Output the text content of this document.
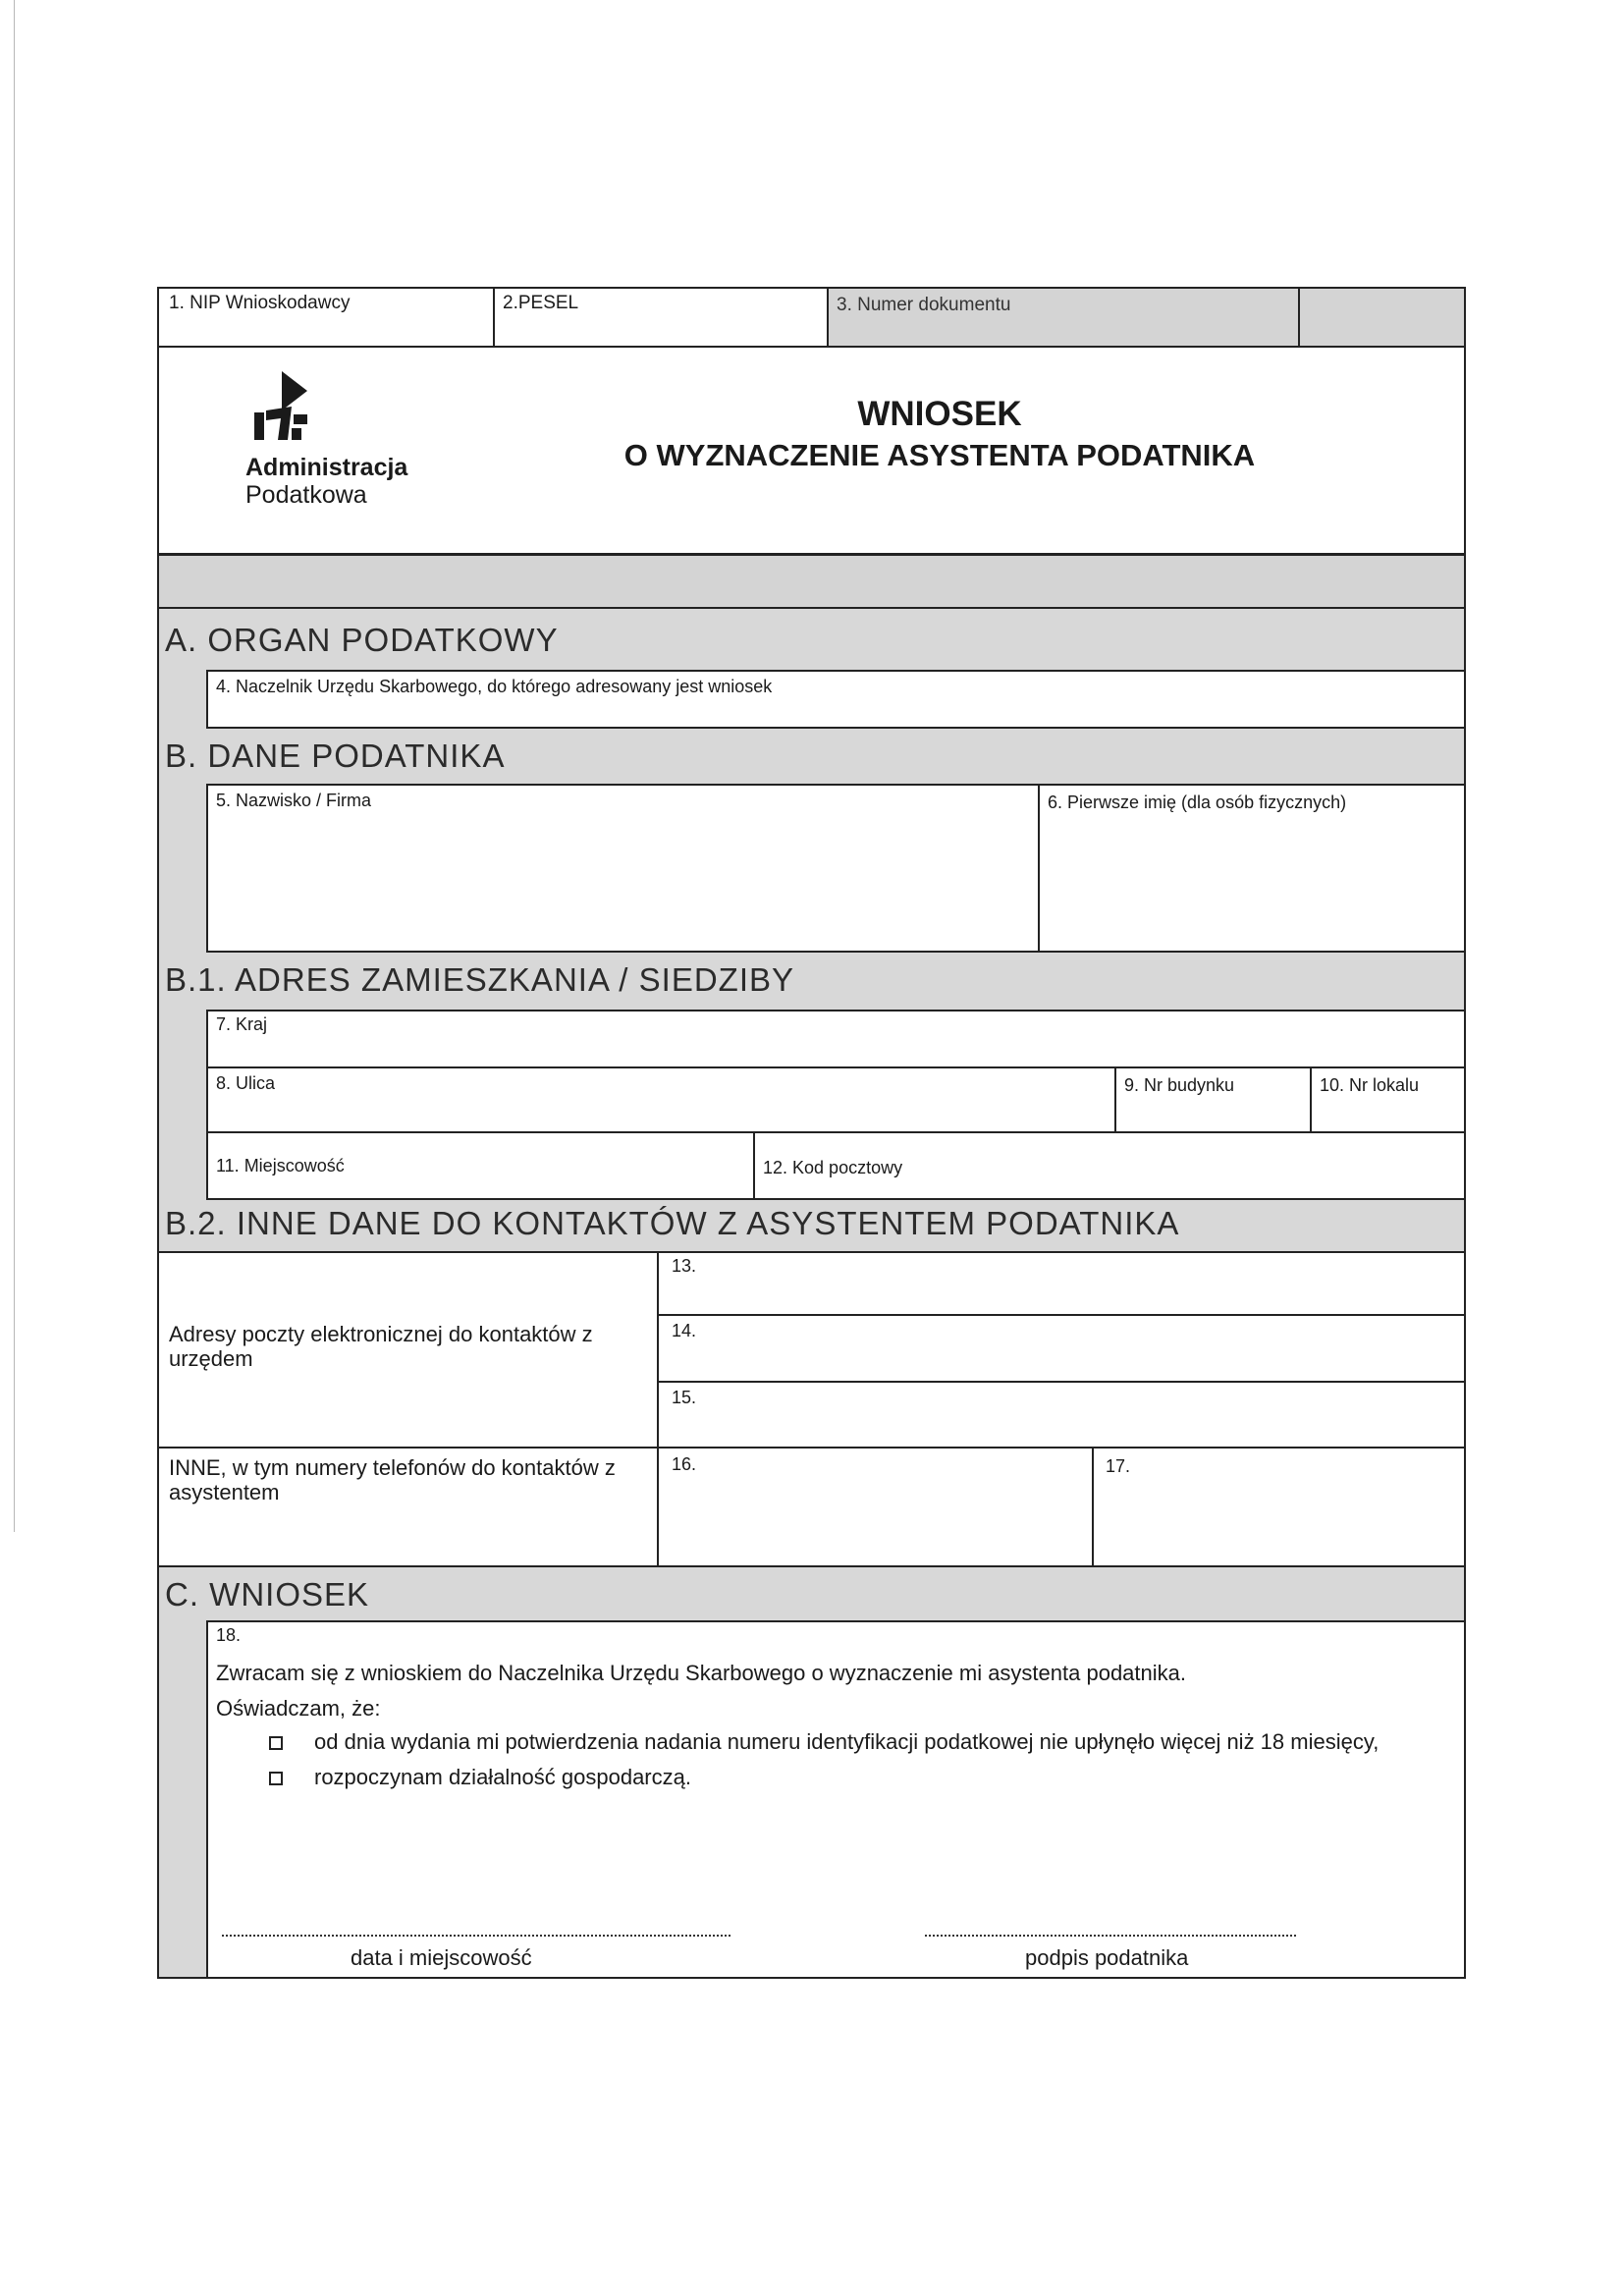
1. NIP Wnioskodawcy	2.PESEL	3. Numer dokumentu
Administracja
Podatkowa
WNIOSEK
O WYZNACZENIE ASYSTENTA PODATNIKA
A. ORGAN PODATKOWY
4. Naczelnik Urzędu Skarbowego, do którego adresowany jest wniosek
B. DANE PODATNIKA
5. Nazwisko / Firma	6. Pierwsze imię (dla osób fizycznych)
B.1. ADRES ZAMIESZKANIA / SIEDZIBY
7. Kraj
8. Ulica	9. Nr budynku	10. Nr lokalu
11. Miejscowość	12. Kod pocztowy
B.2. INNE DANE DO KONTAKTÓW Z ASYSTENTEM PODATNIKA
Adresy poczty elektronicznej do kontaktów z urzędem
13.
14.
15.
INNE, w tym numery telefonów do kontaktów z asystentem
16.	17.
C. WNIOSEK
18.
Zwracam się z wnioskiem do Naczelnika Urzędu Skarbowego o wyznaczenie mi asystenta podatnika.
Oświadczam, że:
od dnia wydania mi potwierdzenia nadania numeru identyfikacji podatkowej nie upłynęło więcej niż 18 miesięcy,
rozpoczynam działalność gospodarczą.
data i miejscowość	podpis podatnika
